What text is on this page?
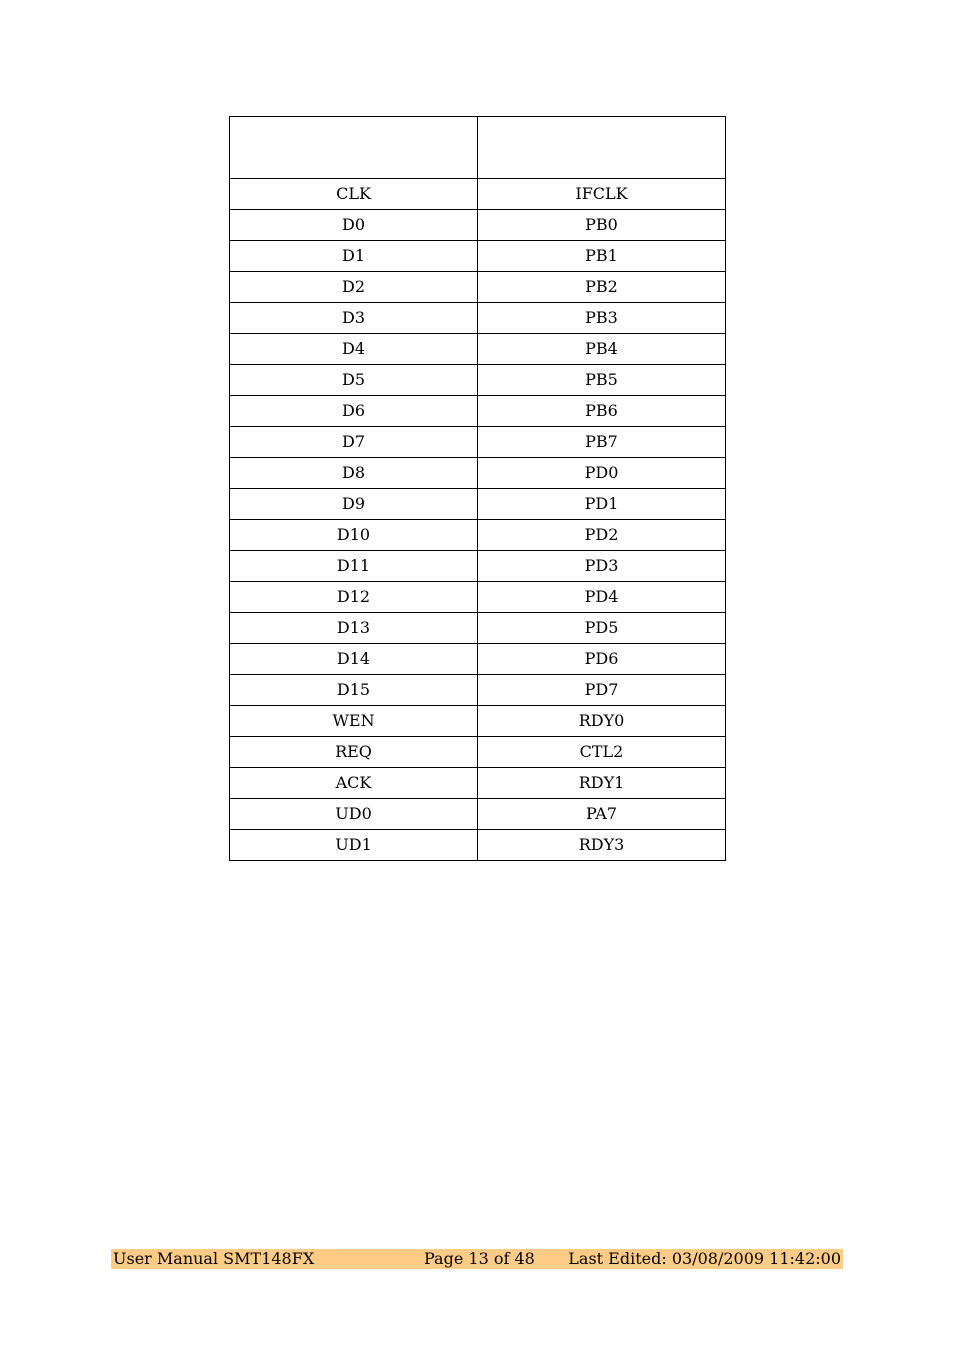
CLK	IFCLK
D0	PB0
D1	PB1
D2	PB2
D3	PB3
D4	PB4
D5	PB5
D6	PB6
D7	PB7
D8	PD0
D9	PD1
D10	PD2
D11	PD3
D12	PD4
D13	PD5
D14	PD6
D15	PD7
WEN	RDY0
REQ	CTL2
ACK	RDY1
UD0	PA7
UD1	RDY3
User Manual SMT148FX	Page 13 of 48 Last Edited: 03/08/2009 11:42:00
